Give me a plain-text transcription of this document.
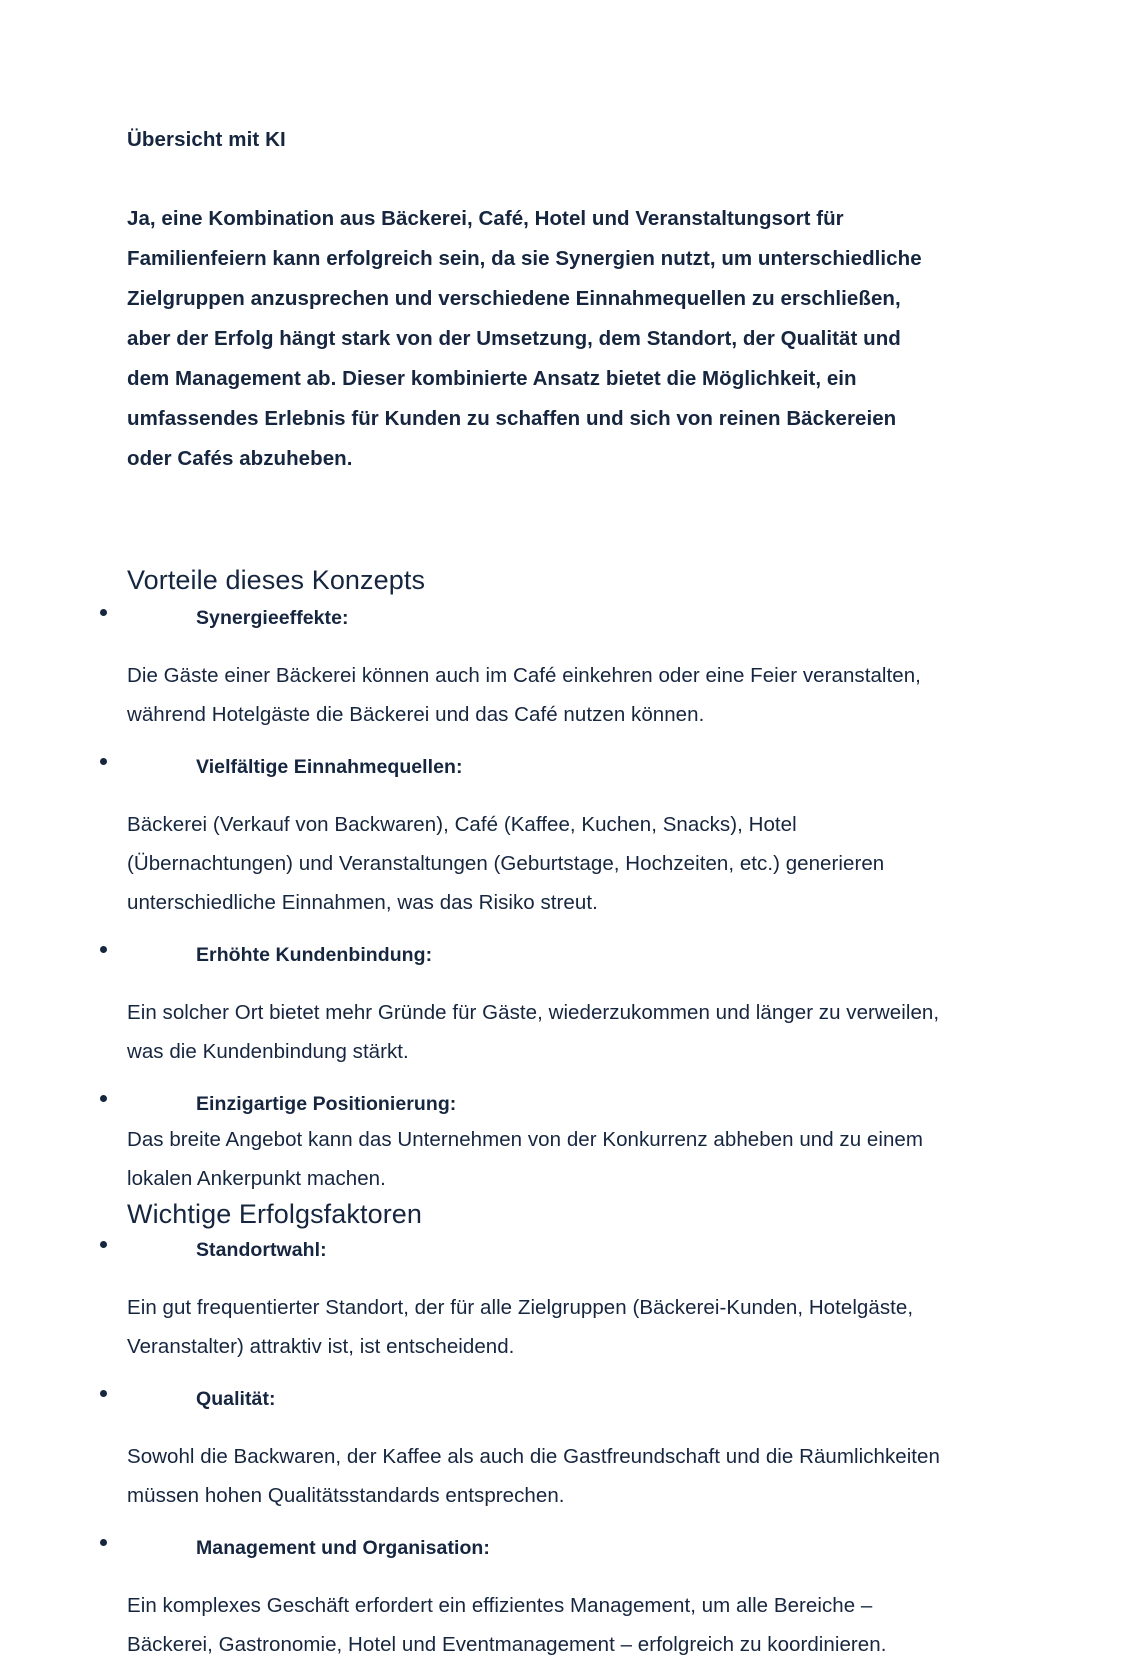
Übersicht mit KI

Ja, eine Kombination aus Bäckerei, Café, Hotel und Veranstaltungsort für Familienfeiern kann erfolgreich sein, da sie Synergien nutzt, um unterschiedliche Zielgruppen anzusprechen und verschiedene Einnahmequellen zu erschließen, aber der Erfolg hängt stark von der Umsetzung, dem Standort, der Qualität und dem Management ab. Dieser kombinierte Ansatz bietet die Möglichkeit, ein umfassendes Erlebnis für Kunden zu schaffen und sich von reinen Bäckereien oder Cafés abzuheben.

Vorteile dieses Konzepts
Synergieeffekte:
Die Gäste einer Bäckerei können auch im Café einkehren oder eine Feier veranstalten, während Hotelgäste die Bäckerei und das Café nutzen können.
Vielfältige Einnahmequellen:
Bäckerei (Verkauf von Backwaren), Café (Kaffee, Kuchen, Snacks), Hotel (Übernachtungen) und Veranstaltungen (Geburtstage, Hochzeiten, etc.) generieren unterschiedliche Einnahmen, was das Risiko streut.
Erhöhte Kundenbindung:
Ein solcher Ort bietet mehr Gründe für Gäste, wiederzukommen und länger zu verweilen, was die Kundenbindung stärkt.
Einzigartige Positionierung:
Das breite Angebot kann das Unternehmen von der Konkurrenz abheben und zu einem lokalen Ankerpunkt machen.
Wichtige Erfolgsfaktoren
Standortwahl:
Ein gut frequentierter Standort, der für alle Zielgruppen (Bäckerei-Kunden, Hotelgäste, Veranstalter) attraktiv ist, ist entscheidend.
Qualität:
Sowohl die Backwaren, der Kaffee als auch die Gastfreundschaft und die Räumlichkeiten müssen hohen Qualitätsstandards entsprechen.
Management und Organisation:
Ein komplexes Geschäft erfordert ein effizientes Management, um alle Bereiche – Bäckerei, Gastronomie, Hotel und Eventmanagement – erfolgreich zu koordinieren.
